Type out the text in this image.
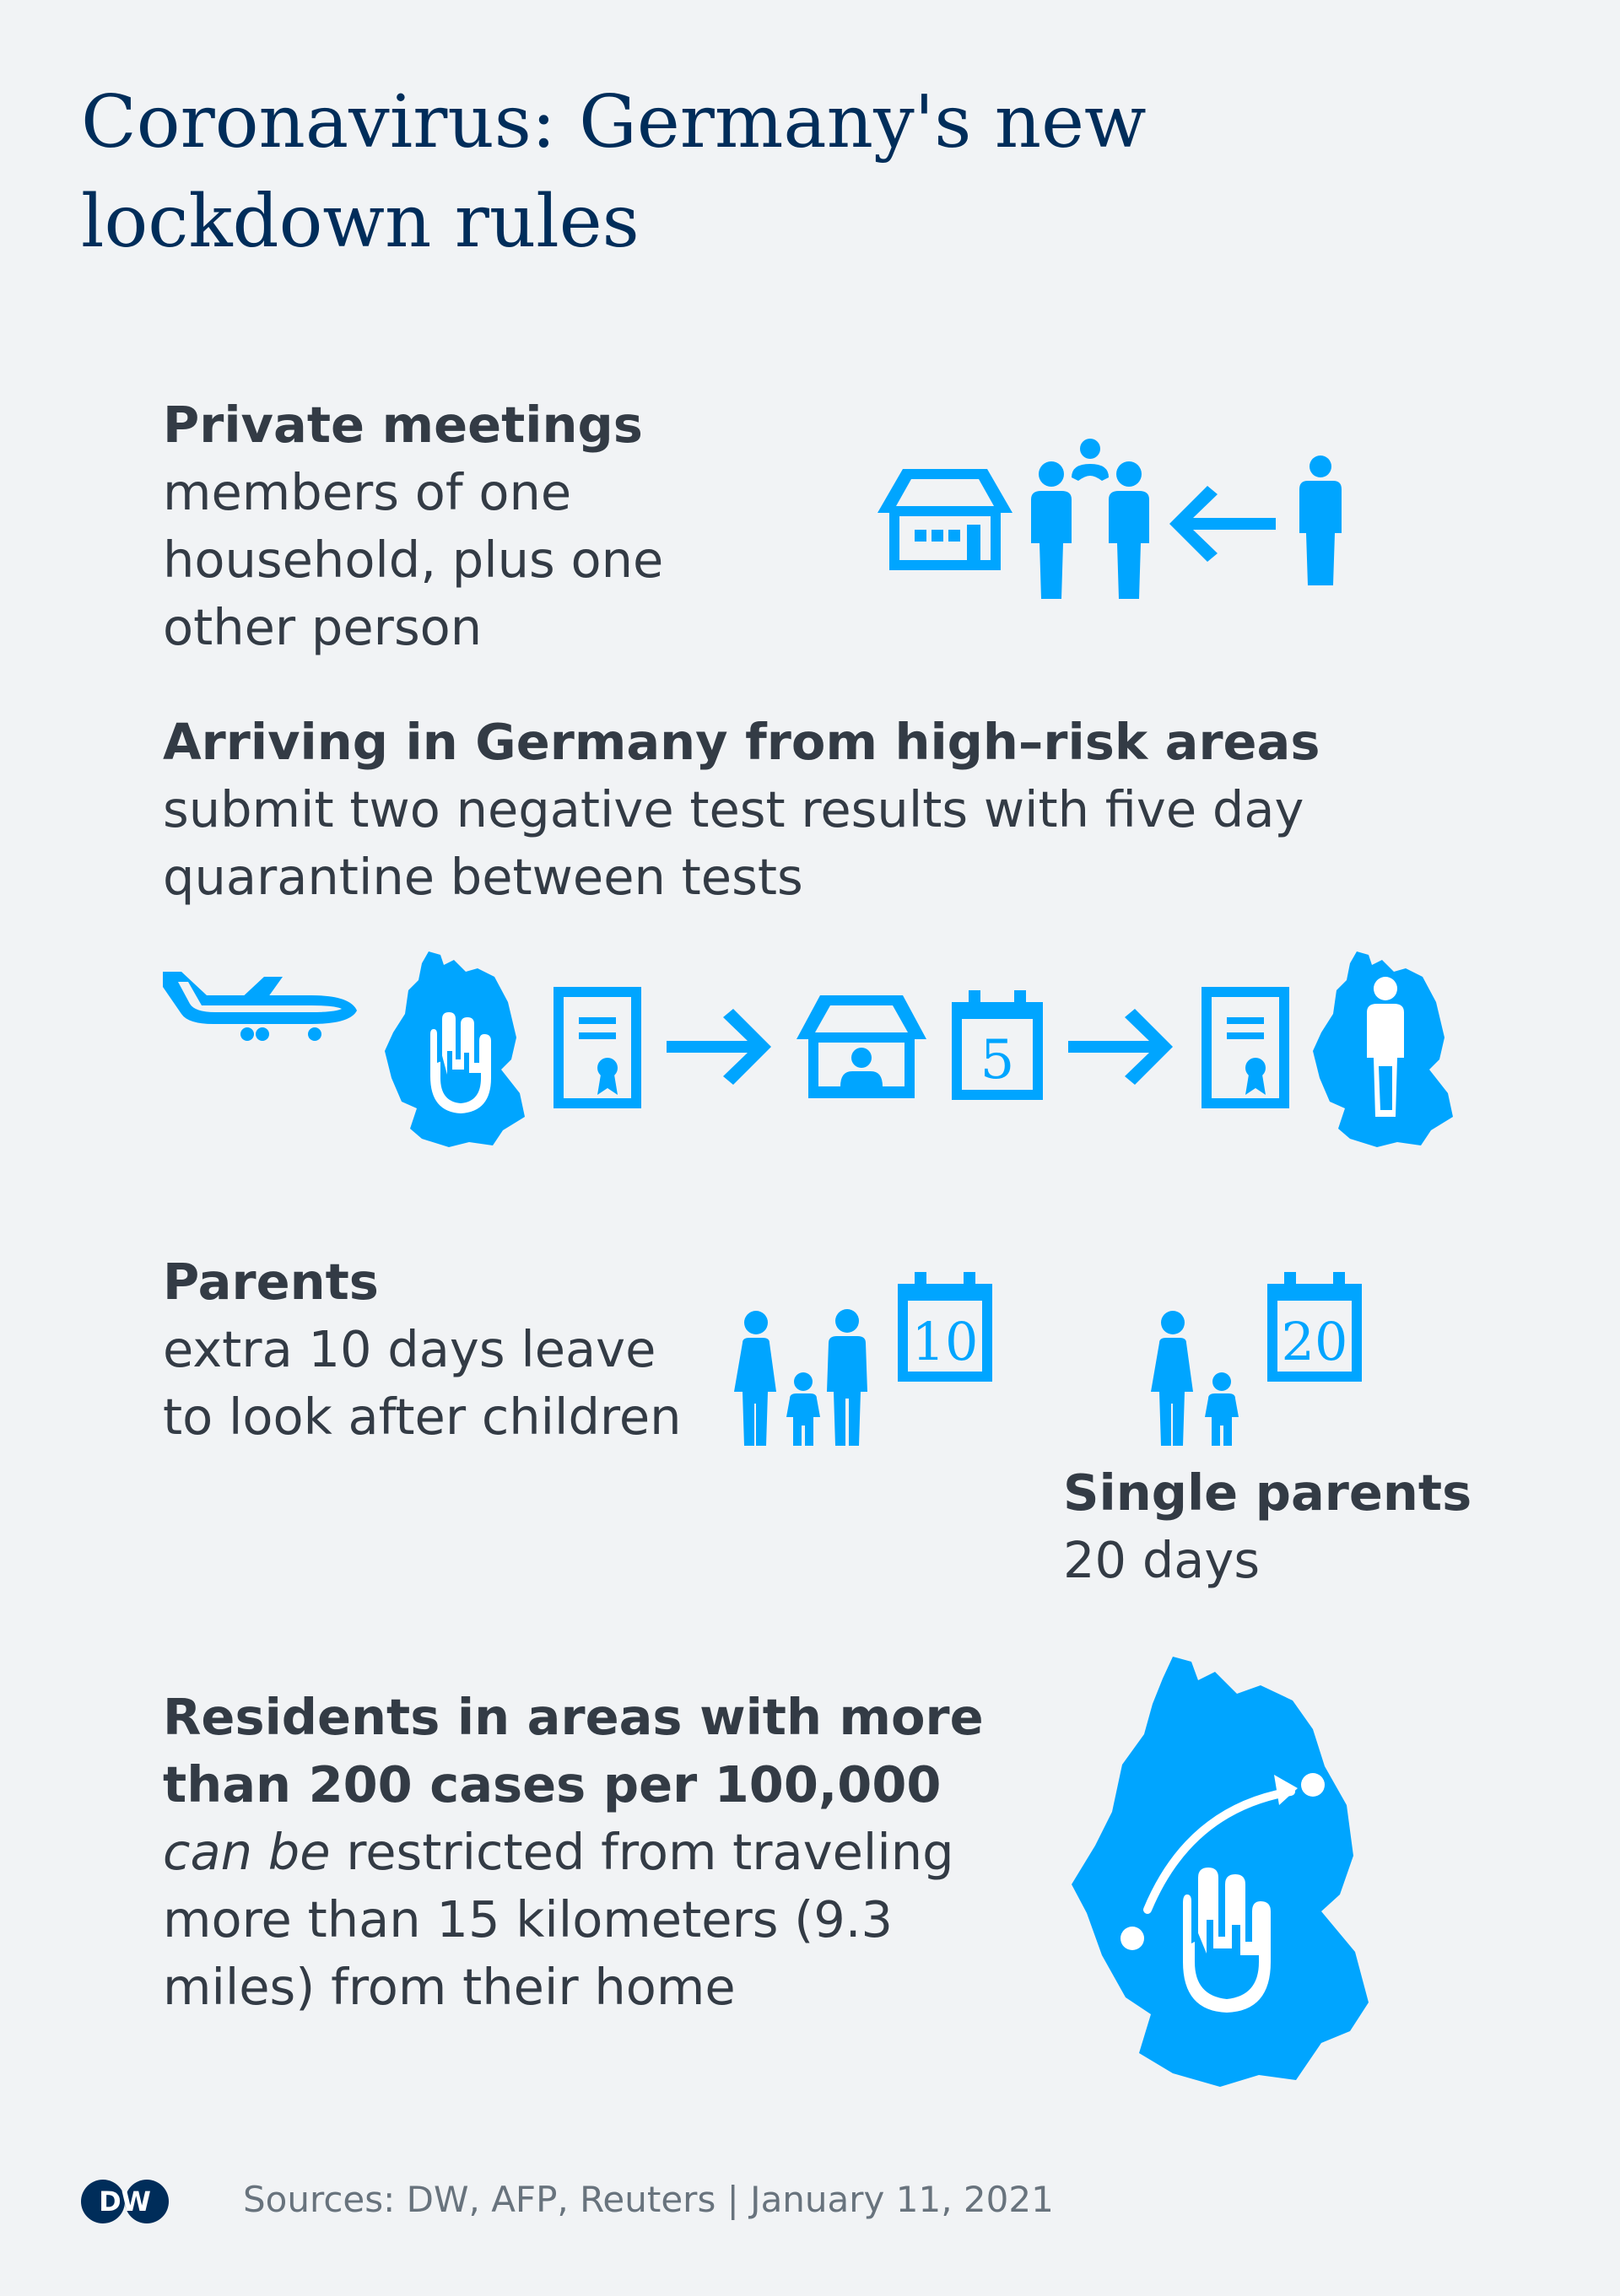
Coronavirus: Germany's new
lockdown rules
Private meetings
members of one
household, plus one
other person
Arriving in Germany from high–risk areas
submit two negative test results with five day
quarantine between tests
5
Parents
extra 10 days leave
to look after children
10	20
Single parents
20 days
Residents in areas with more
than 200 cases per 100,000
can be restricted from traveling
more than 15 kilometers (9.3
miles) from their home
DW	Sources: DW, AFP, Reuters | January 11, 2021
